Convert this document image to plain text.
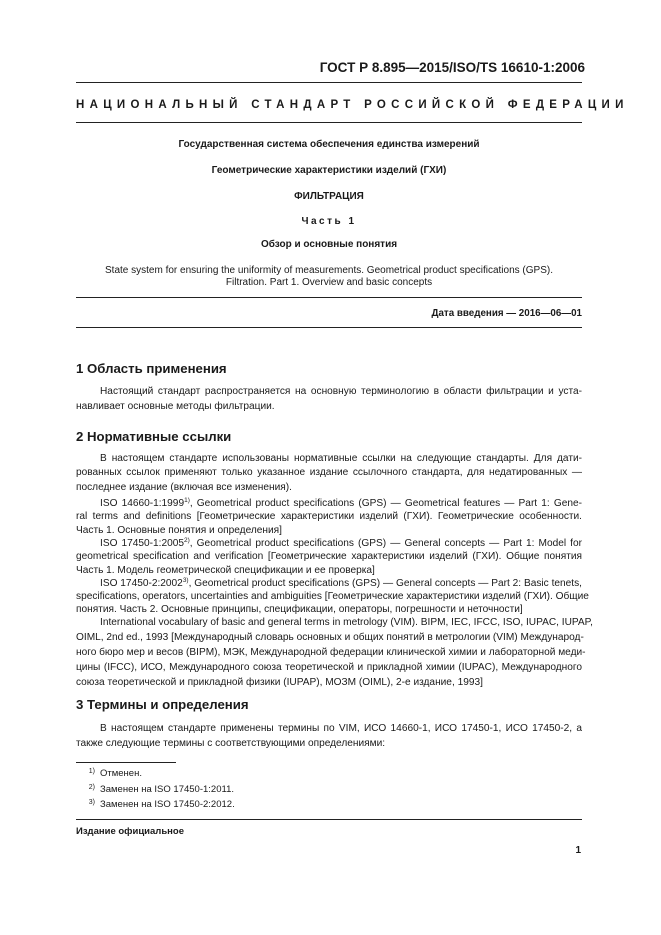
ГОСТ Р 8.895—2015/ISO/TS 16610-1:2006
НАЦИОНАЛЬНЫЙ СТАНДАРТ РОССИЙСКОЙ ФЕДЕРАЦИИ
Государственная система обеспечения единства измерений
Геометрические характеристики изделий (ГХИ)
ФИЛЬТРАЦИЯ
Часть 1
Обзор и основные понятия
State system for ensuring the uniformity of measurements. Geometrical product specifications (GPS).
Filtration. Part 1. Overview and basic concepts
Дата введения — 2016—06—01
1 Область применения
2 Нормативные ссылки
3 Термины и определения
1) Отменен.
2) Заменен на ISO 17450-1:2011.
3) Заменен на ISO 17450-2:2012.
Издание официальное
1
Настоящий стандарт распространяется на основную терминологию в области фильтрации и уста-
навливает основные методы фильтрации.
В настоящем стандарте использованы нормативные ссылки на следующие стандарты. Для дати-
рованных ссылок применяют только указанное издание ссылочного стандарта, для недатированных —
последнее издание (включая все изменения).
ISO 14660-1:1999$^{1)}$, Geometrical product specifications (GPS) — Geometrical features — Part 1: Gene-
ral terms and definitions [Геометрические характеристики изделий (ГХИ). Геометрические особенности.
Часть 1. Основные понятия и определения]
ISO 17450-1:2005$^{2)}$, Geometrical product specifications (GPS) — General concepts — Part 1: Model for
geometrical specification and verification [Геометрические характеристики изделий (ГХИ). Общие понятия
Часть 1. Модель геометрической спецификации и ее проверка]
ISO 17450-2:2002$^{3)}$, Geometrical product specifications (GPS) — General concepts — Part 2: Basic tenets,
specifications, operators, uncertainties and ambiguities [Геометрические характеристики изделий (ГХИ). Общие
понятия. Часть 2. Основные принципы, спецификации, операторы, погрешности и неточности]
International vocabulary of basic and general terms in metrology (VIM). BIPM, IEC, IFCC, ISO, IUPAC, IUPAP,
OIML, 2nd ed., 1993 [Международный словарь основных и общих понятий в метрологии (VIM) Международ-
ного бюро мер и весов (BIPM), МЭК, Международной федерации клинической химии и лабораторной меди-
цины (IFCC), ИСО, Международного союза теоретической и прикладной химии (IUPAC), Международного
союза теоретической и прикладной физики (IUPAP), МОЗМ (OIML), 2-е издание, 1993]
В настоящем стандарте применены термины по VIM, ИСО 14660-1, ИСО 17450-1, ИСО 17450-2, а
также следующие термины с соответствующими определениями:
